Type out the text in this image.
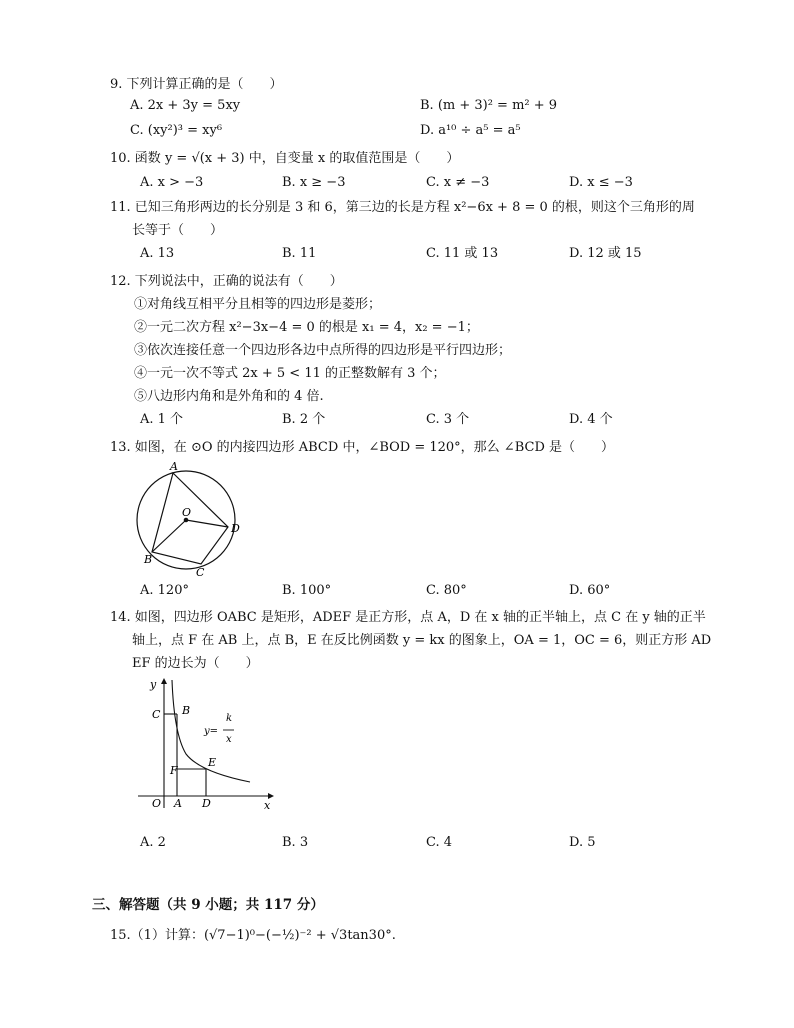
9. 下列计算正确的是（　　）
A. 2x + 3y = 5xy	B. (m + 3)² = m² + 9
C. (xy²)³ = xy⁶	D. a¹⁰ ÷ a⁵ = a⁵
10. 函数 y = √(x + 3) 中，自变量 x 的取值范围是（　　）
A. x > −3	B. x ≥ −3	C. x ≠ −3	D. x ≤ −3
11. 已知三角形两边的长分别是 3 和 6，第三边的长是方程 x²−6x + 8 = 0 的根，则这个三角形的周
长等于（　　）
A. 13	B. 11	C. 11 或 13	D. 12 或 15
12. 下列说法中，正确的说法有（　　）
①对角线互相平分且相等的四边形是菱形；
②一元二次方程 x²−3x−4 = 0 的根是 x₁ = 4，x₂ = −1；
③依次连接任意一个四边形各边中点所得的四边形是平行四边形；
④一元一次不等式 2x + 5 < 11 的正整数解有 3 个；
⑤八边形内角和是外角和的 4 倍.
A. 1 个	B. 2 个	C. 3 个	D. 4 个
13. 如图，在 ⊙O 的内接四边形 ABCD 中，∠BOD = 120°，那么 ∠BCD 是（　　）
A
O
D
B
C
A. 120°	B. 100°	C. 80°	D. 60°
14. 如图，四边形 OABC 是矩形，ADEF 是正方形，点 A，D 在 x 轴的正半轴上，点 C 在 y 轴的正半
轴上，点 F 在 AB 上，点 B，E 在反比例函数 y = kx 的图象上，OA = 1，OC = 6，则正方形 AD
EF 的边长为（　　）
y
C B
y=
k
x
F
E
O A D	x
A. 2	B. 3	C. 4	D. 5
三、解答题（共 9 小题；共 117 分）
15.（1）计算：(√7−1)⁰−(−½)⁻² + √3tan30°.
